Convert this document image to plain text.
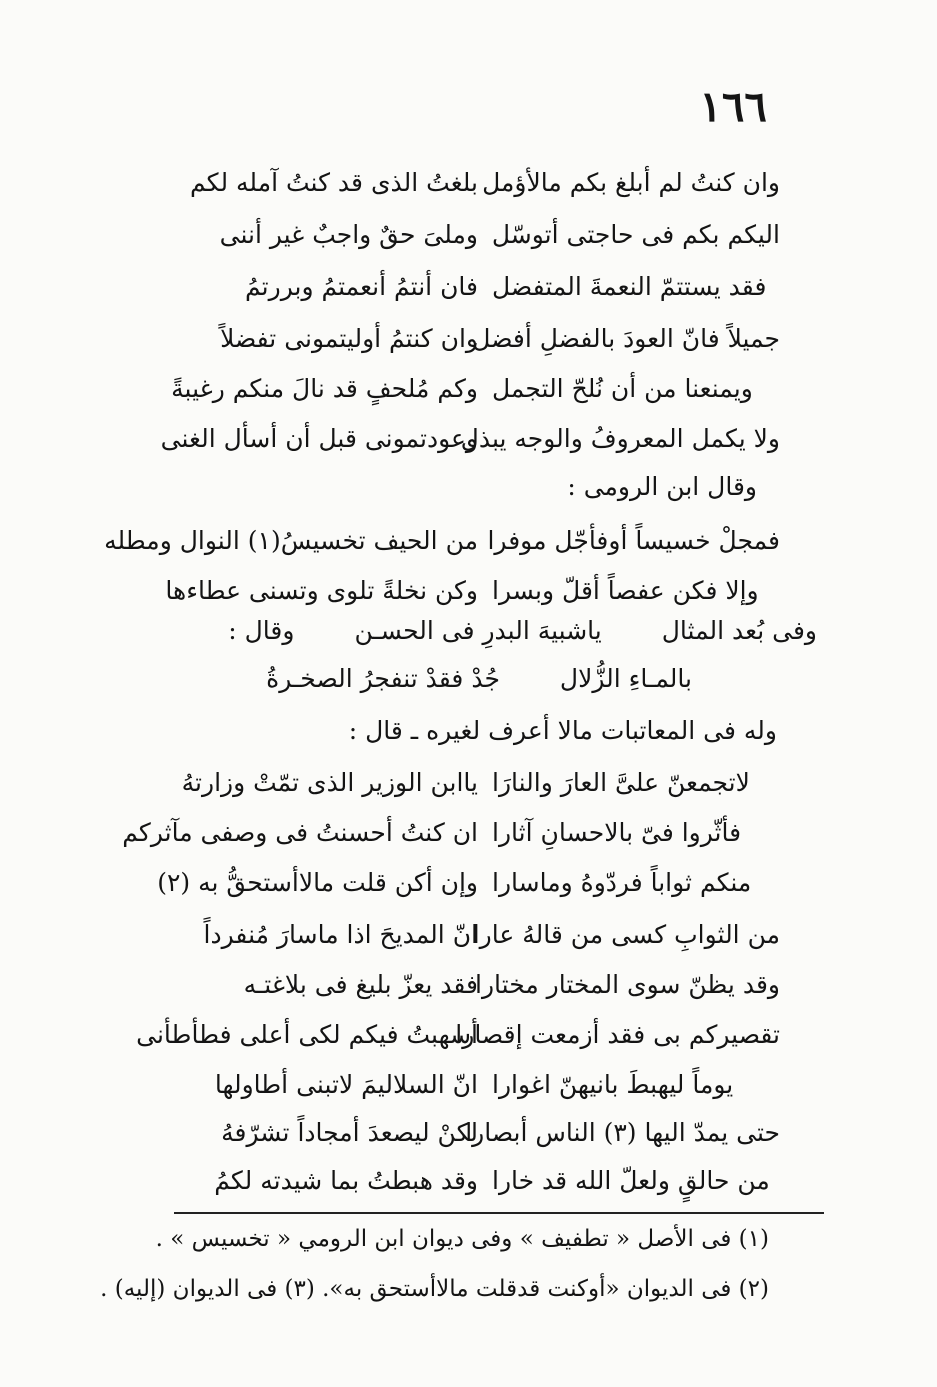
١٦٦
بلغتُ الذى قد كنتُ آمله لكم وان كنتُ لم أبلغ بكم مالأؤمل
وملىَ حقٌ واجبٌ غير أننى اليكم بكم فى حاجتى أتوسّل
فان أنتمُ أنعمتمُ وبررتمُ فقد يستتمّ النعمةَ المتفضل
وان كنتمُ أوليتمونى تفضلاً
جميلاً فانّ العودَ بالفضلِ أفضل
وكم مُلحفٍ قد نالَ منكم رغيبةً ويمنعنا من أن نُلحّ التجمل
وعودتمونى قبل أن أسأل الغنى
ولا يكمل المعروفُ والوجه يبذل
وقال ابن الرومى :
من الحيف تخسيسُ(١) النوال ومطله فمجلْ خسيساً أوفأجّل موفرا
وكن نخلةً تلوى وتسنى عطاءها وإلا فكن عفصاً أقلّ وبسرا
وقال : ياشبيهَ البدرِ فى الحسـن وفى بُعد المثال
جُدْ فقدْ تنفجرُ الصخـرةُ بالمـاءِ الزُّلال
وله فى المعاتبات مالا أعرف لغيره ـ قال :
ياابن الوزير الذى تمّتْ وزارتهُ لاتجمعنّ علىَّ العارَ والنارَا
ان كنتُ أحسنتُ فى وصفى مآثركم فأثّروا فىّ بالاحسانِ آثارا
وإن أكن قلت مالاأستحقُّ به (٢) منكم ثواباً فردّوهُ وماسارا
انّ المديحَ اذا ماسارَ مُنفرداً
من الثوابِ كسى من قالهُ عارا
فقد يعزّ بليغ فى بلاغتـه
وقد يظنّ سوى المختار مختارا
أسهبتُ فيكم لكى أعلى فطأطأنى
تقصيركم بى فقد أزمعت إقصارا
انّ السلاليمَ لاتبنى أطاولها يوماً ليهبطَ بانيهنّ اغوارا
لكنْ ليصعدَ أمجاداً تشرّفهُ
حتى يمدّ اليها (٣) الناس أبصارا
وقد هبطتُ بما شيدته لكمُ من حالقٍ ولعلّ الله قد خارا
(١) فى الأصل « تطفيف » وفى ديوان ابن الرومي « تخسيس » .
(٢) فى الديوان «أوكنت قدقلت مالاأستحق به». (٣) فى الديوان (إليه) .
